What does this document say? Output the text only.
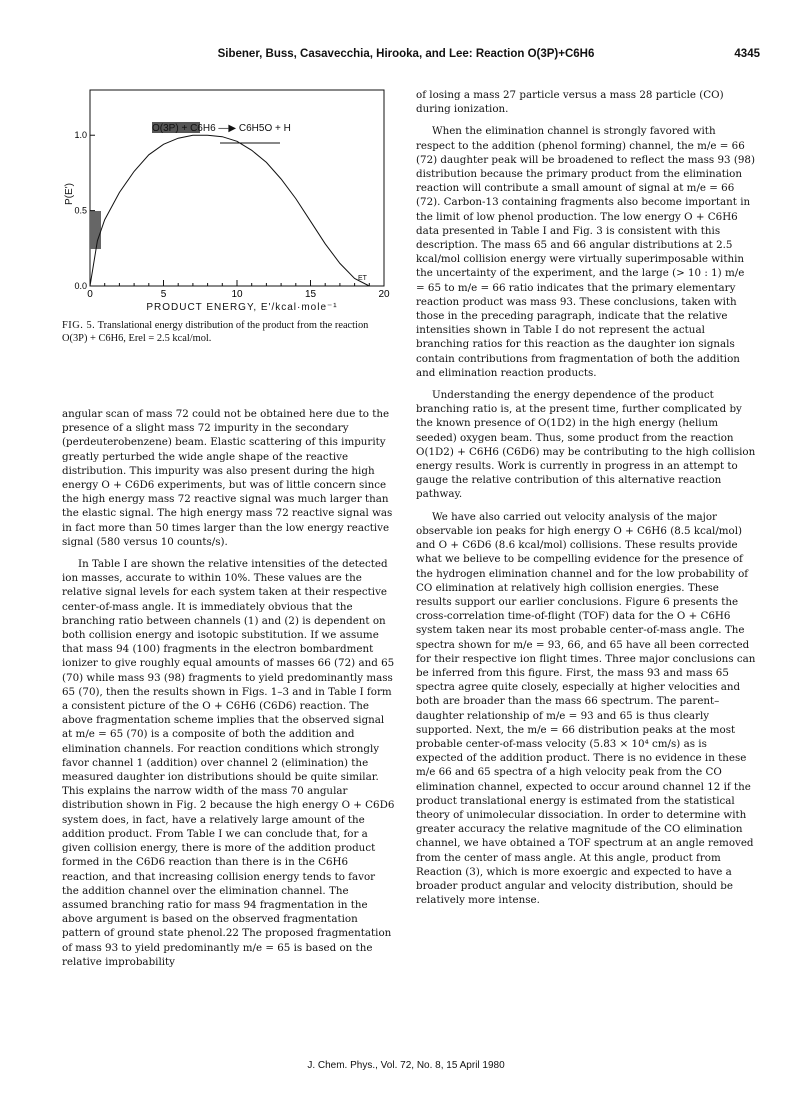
Sibener, Buss, Casavecchia, Hirooka, and Lee: Reaction O(3P)+C6H6	4345
O(3P) + C6H6 —▶ C6H5O + H
P(E')
PRODUCT ENERGY, E'/kcal·mole⁻¹
ET
0.0
0.5
1.0
0	5	10	15	20
FIG. 5. Translational energy distribution of the product from the reaction O(3P) + C6H6, Erel = 2.5 kcal/mol.

angular scan of mass 72 could not be obtained here due to the presence of a slight mass 72 impurity in the secondary (perdeuterobenzene) beam. Elastic scattering of this impurity greatly perturbed the wide angle shape of the reactive distribution. This impurity was also present during the high energy O + C6D6 experiments, but was of little concern since the high energy mass 72 reactive signal was much larger than the elastic signal. The high energy mass 72 reactive signal was in fact more than 50 times larger than the low energy reactive signal (580 versus 10 counts/s).

In Table I are shown the relative intensities of the detected ion masses, accurate to within 10%. These values are the relative signal levels for each system taken at their respective center-of-mass angle. It is immediately obvious that the branching ratio between channels (1) and (2) is dependent on both collision energy and isotopic substitution. If we assume that mass 94 (100) fragments in the electron bombardment ionizer to give roughly equal amounts of masses 66 (72) and 65 (70) while mass 93 (98) fragments to yield predominantly mass 65 (70), then the results shown in Figs. 1–3 and in Table I form a consistent picture of the O + C6H6 (C6D6) reaction. The above fragmentation scheme implies that the observed signal at m/e = 65 (70) is a composite of both the addition and elimination channels. For reaction conditions which strongly favor channel 1 (addition) over channel 2 (elimination) the measured daughter ion distributions should be quite similar. This explains the narrow width of the mass 70 angular distribution shown in Fig. 2 because the high energy O + C6D6 system does, in fact, have a relatively large amount of the addition product. From Table I we can conclude that, for a given collision energy, there is more of the addition product formed in the C6D6 reaction than there is in the C6H6 reaction, and that increasing collision energy tends to favor the addition channel over the elimination channel. The assumed branching ratio for mass 94 fragmentation in the above argument is based on the observed fragmentation pattern of ground state phenol.22 The proposed fragmentation of mass 93 to yield predominantly m/e = 65 is based on the relative improbability

of losing a mass 27 particle versus a mass 28 particle (CO) during ionization.

When the elimination channel is strongly favored with respect to the addition (phenol forming) channel, the m/e = 66 (72) daughter peak will be broadened to reflect the mass 93 (98) distribution because the primary product from the elimination reaction will contribute a small amount of signal at m/e = 66 (72). Carbon-13 containing fragments also become important in the limit of low phenol production. The low energy O + C6H6 data presented in Table I and Fig. 3 is consistent with this description. The mass 65 and 66 angular distributions at 2.5 kcal/mol collision energy were virtually superimposable within the uncertainty of the experiment, and the large (> 10 : 1) m/e = 65 to m/e = 66 ratio indicates that the primary elementary reaction product was mass 93. These conclusions, taken with those in the preceding paragraph, indicate that the relative intensities shown in Table I do not represent the actual branching ratios for this reaction as the daughter ion signals contain contributions from fragmentation of both the addition and elimination reaction products.

Understanding the energy dependence of the product branching ratio is, at the present time, further complicated by the known presence of O(1D2) in the high energy (helium seeded) oxygen beam. Thus, some product from the reaction O(1D2) + C6H6 (C6D6) may be contributing to the high collision energy results. Work is currently in progress in an attempt to gauge the relative contribution of this alternative reaction pathway.

We have also carried out velocity analysis of the major observable ion peaks for high energy O + C6H6 (8.5 kcal/mol) and O + C6D6 (8.6 kcal/mol) collisions. These results provide what we believe to be compelling evidence for the presence of the hydrogen elimination channel and for the low probability of CO elimination at relatively high collision energies. These results support our earlier conclusions. Figure 6 presents the cross-correlation time-of-flight (TOF) data for the O + C6H6 system taken near its most probable center-of-mass angle. The spectra shown for m/e = 93, 66, and 65 have all been corrected for their respective ion flight times. Three major conclusions can be inferred from this figure. First, the mass 93 and mass 65 spectra agree quite closely, especially at higher velocities and both are broader than the mass 66 spectrum. The parent–daughter relationship of m/e = 93 and 65 is thus clearly supported. Next, the m/e = 66 distribution peaks at the most probable center-of-mass velocity (5.83 × 10⁴ cm/s) as is expected of the addition product. There is no evidence in these m/e 66 and 65 spectra of a high velocity peak from the CO elimination channel, expected to occur around channel 12 if the product translational energy is estimated from the statistical theory of unimolecular dissociation. In order to determine with greater accuracy the relative magnitude of the CO elimination channel, we have obtained a TOF spectrum at an angle removed from the center of mass angle. At this angle, product from Reaction (3), which is more exoergic and expected to have a broader product angular and velocity distribution, should be relatively more intense.

J. Chem. Phys., Vol. 72, No. 8, 15 April 1980
